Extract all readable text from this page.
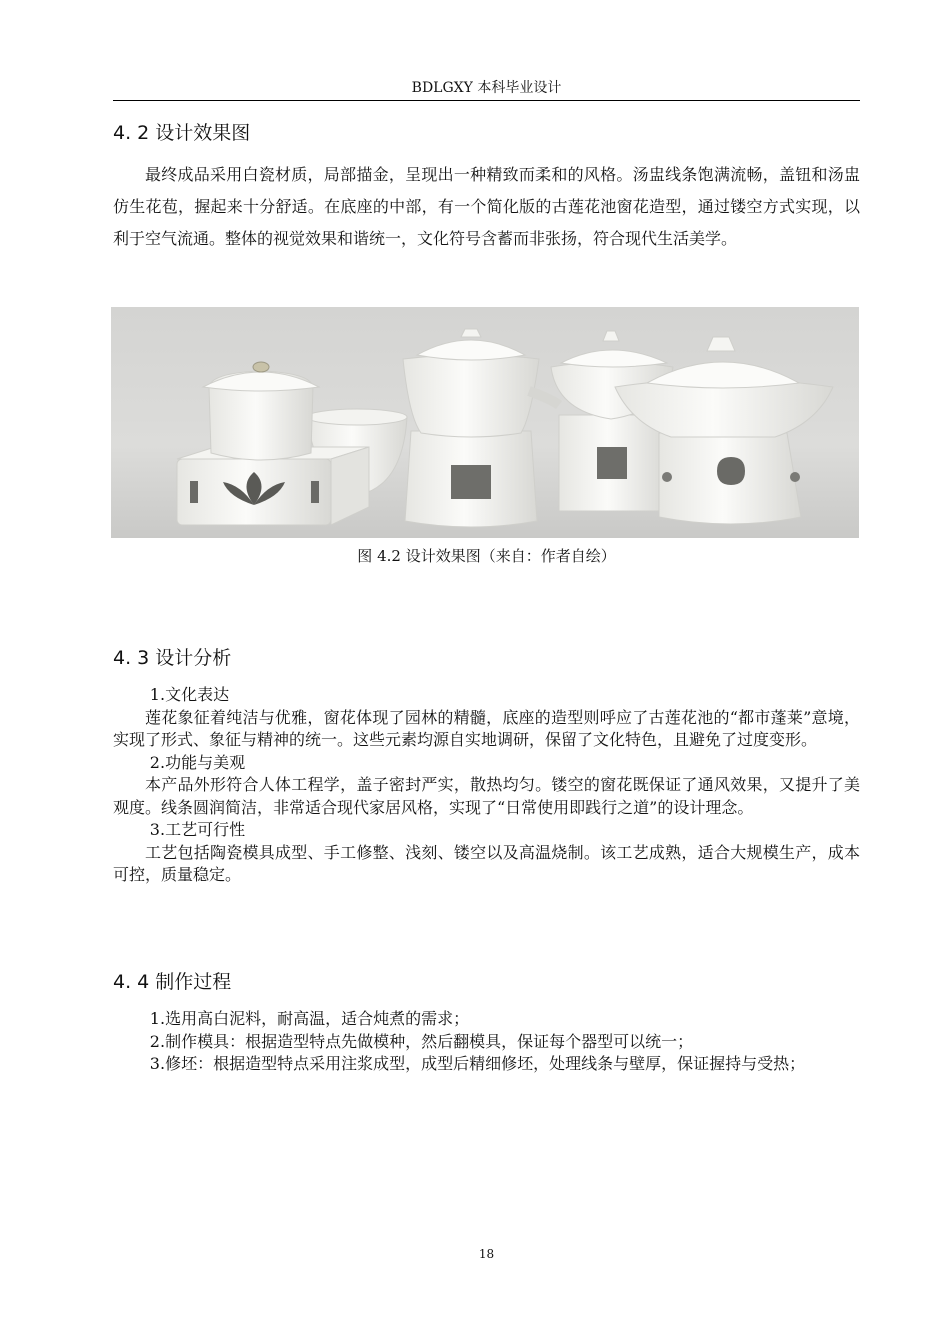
BDLGXY 本科毕业设计
4. 2 设计效果图

最终成品采用白瓷材质，局部描金，呈现出一种精致而柔和的风格。汤盅线条饱满流畅，盖钮和汤盅仿生花苞，握起来十分舒适。在底座的中部，有一个简化版的古莲花池窗花造型，通过镂空方式实现，以利于空气流通。整体的视觉效果和谐统一，文化符号含蓄而非张扬，符合现代生活美学。

图 4.2 设计效果图（来自：作者自绘）
4. 3 设计分析

1.文化表达

莲花象征着纯洁与优雅，窗花体现了园林的精髓，底座的造型则呼应了古莲花池的“都市蓬莱”意境，实现了形式、象征与精神的统一。这些元素均源自实地调研，保留了文化特色，且避免了过度变形。

2.功能与美观

本产品外形符合人体工程学，盖子密封严实，散热均匀。镂空的窗花既保证了通风效果，又提升了美观度。线条圆润简洁，非常适合现代家居风格，实现了“日常使用即践行之道”的设计理念。

3.工艺可行性

工艺包括陶瓷模具成型、手工修整、浅刻、镂空以及高温烧制。该工艺成熟，适合大规模生产，成本可控，质量稳定。

4. 4 制作过程

1.选用高白泥料，耐高温，适合炖煮的需求；

2.制作模具：根据造型特点先做模种，然后翻模具，保证每个器型可以统一；

3.修坯：根据造型特点采用注浆成型，成型后精细修坯，处理线条与壁厚，保证握持与受热；

18
